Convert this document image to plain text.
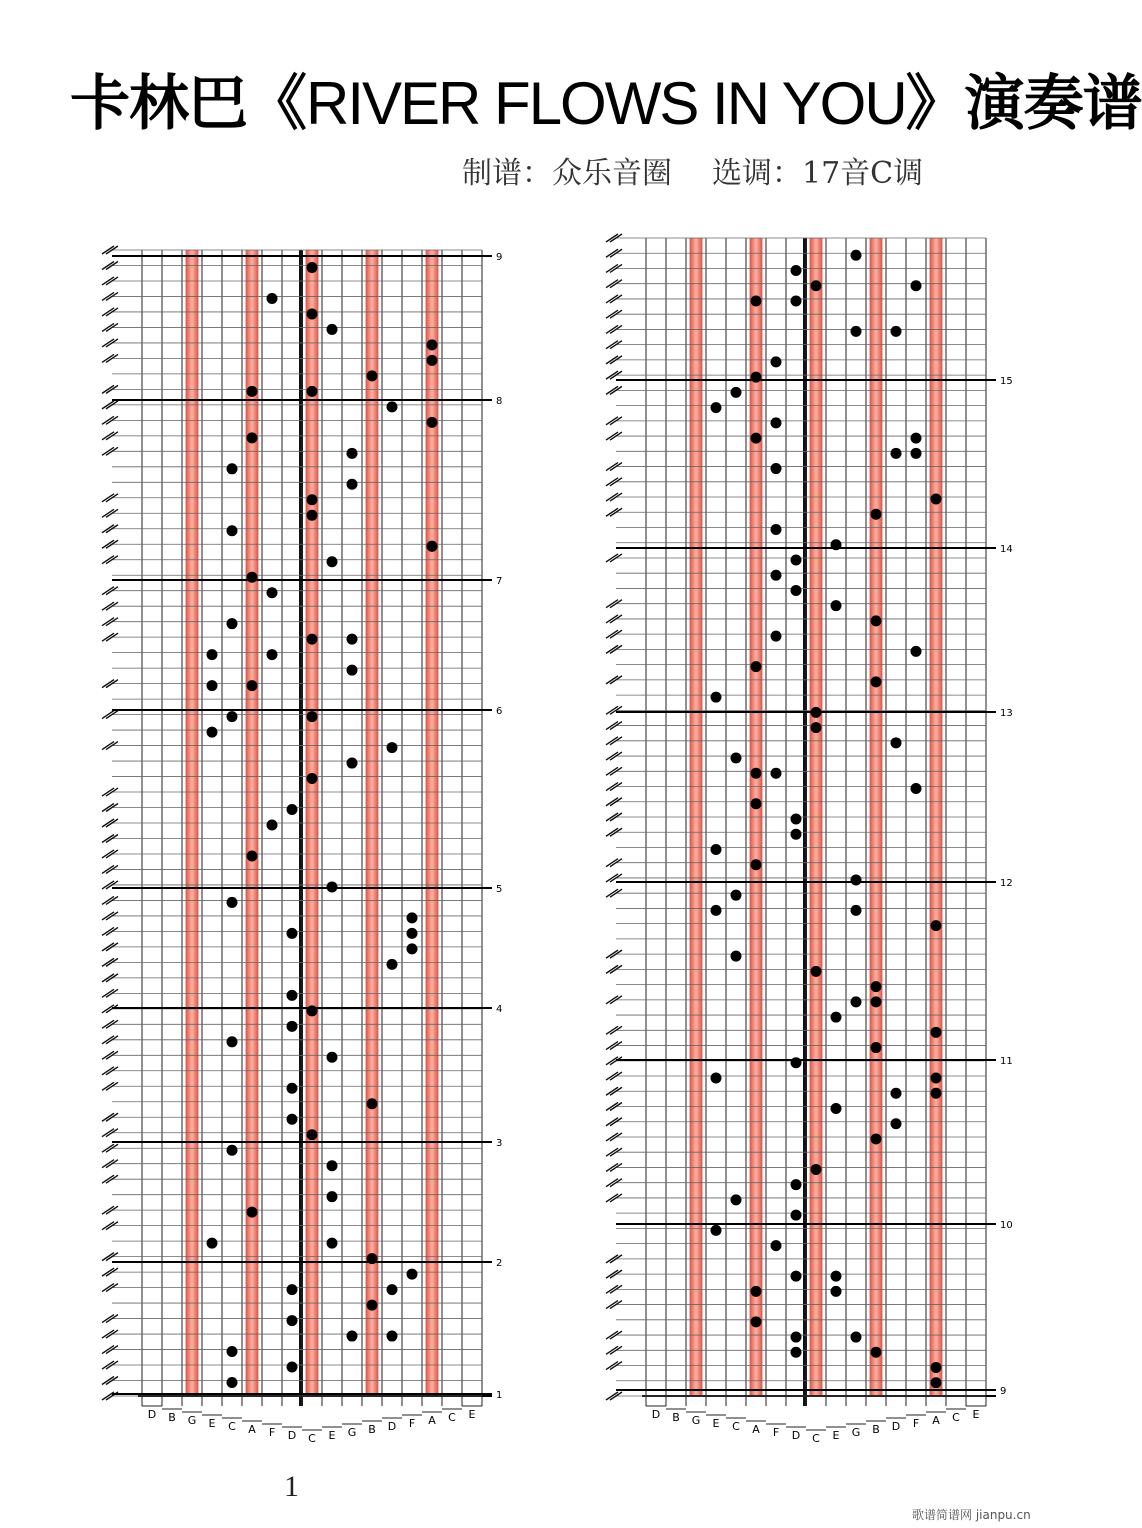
卡林巴《RIVER FLOWS IN YOU》演奏谱
制谱：众乐音圈 选调：17音C调
D B G E C A F D C E G B D F A C E
9
8
7
6
5
4
3
2
1
D B G E C A F D C E G B D F A C E
15
14
13
12
11
10
9
1
歌谱简谱网 jianpu.cn
